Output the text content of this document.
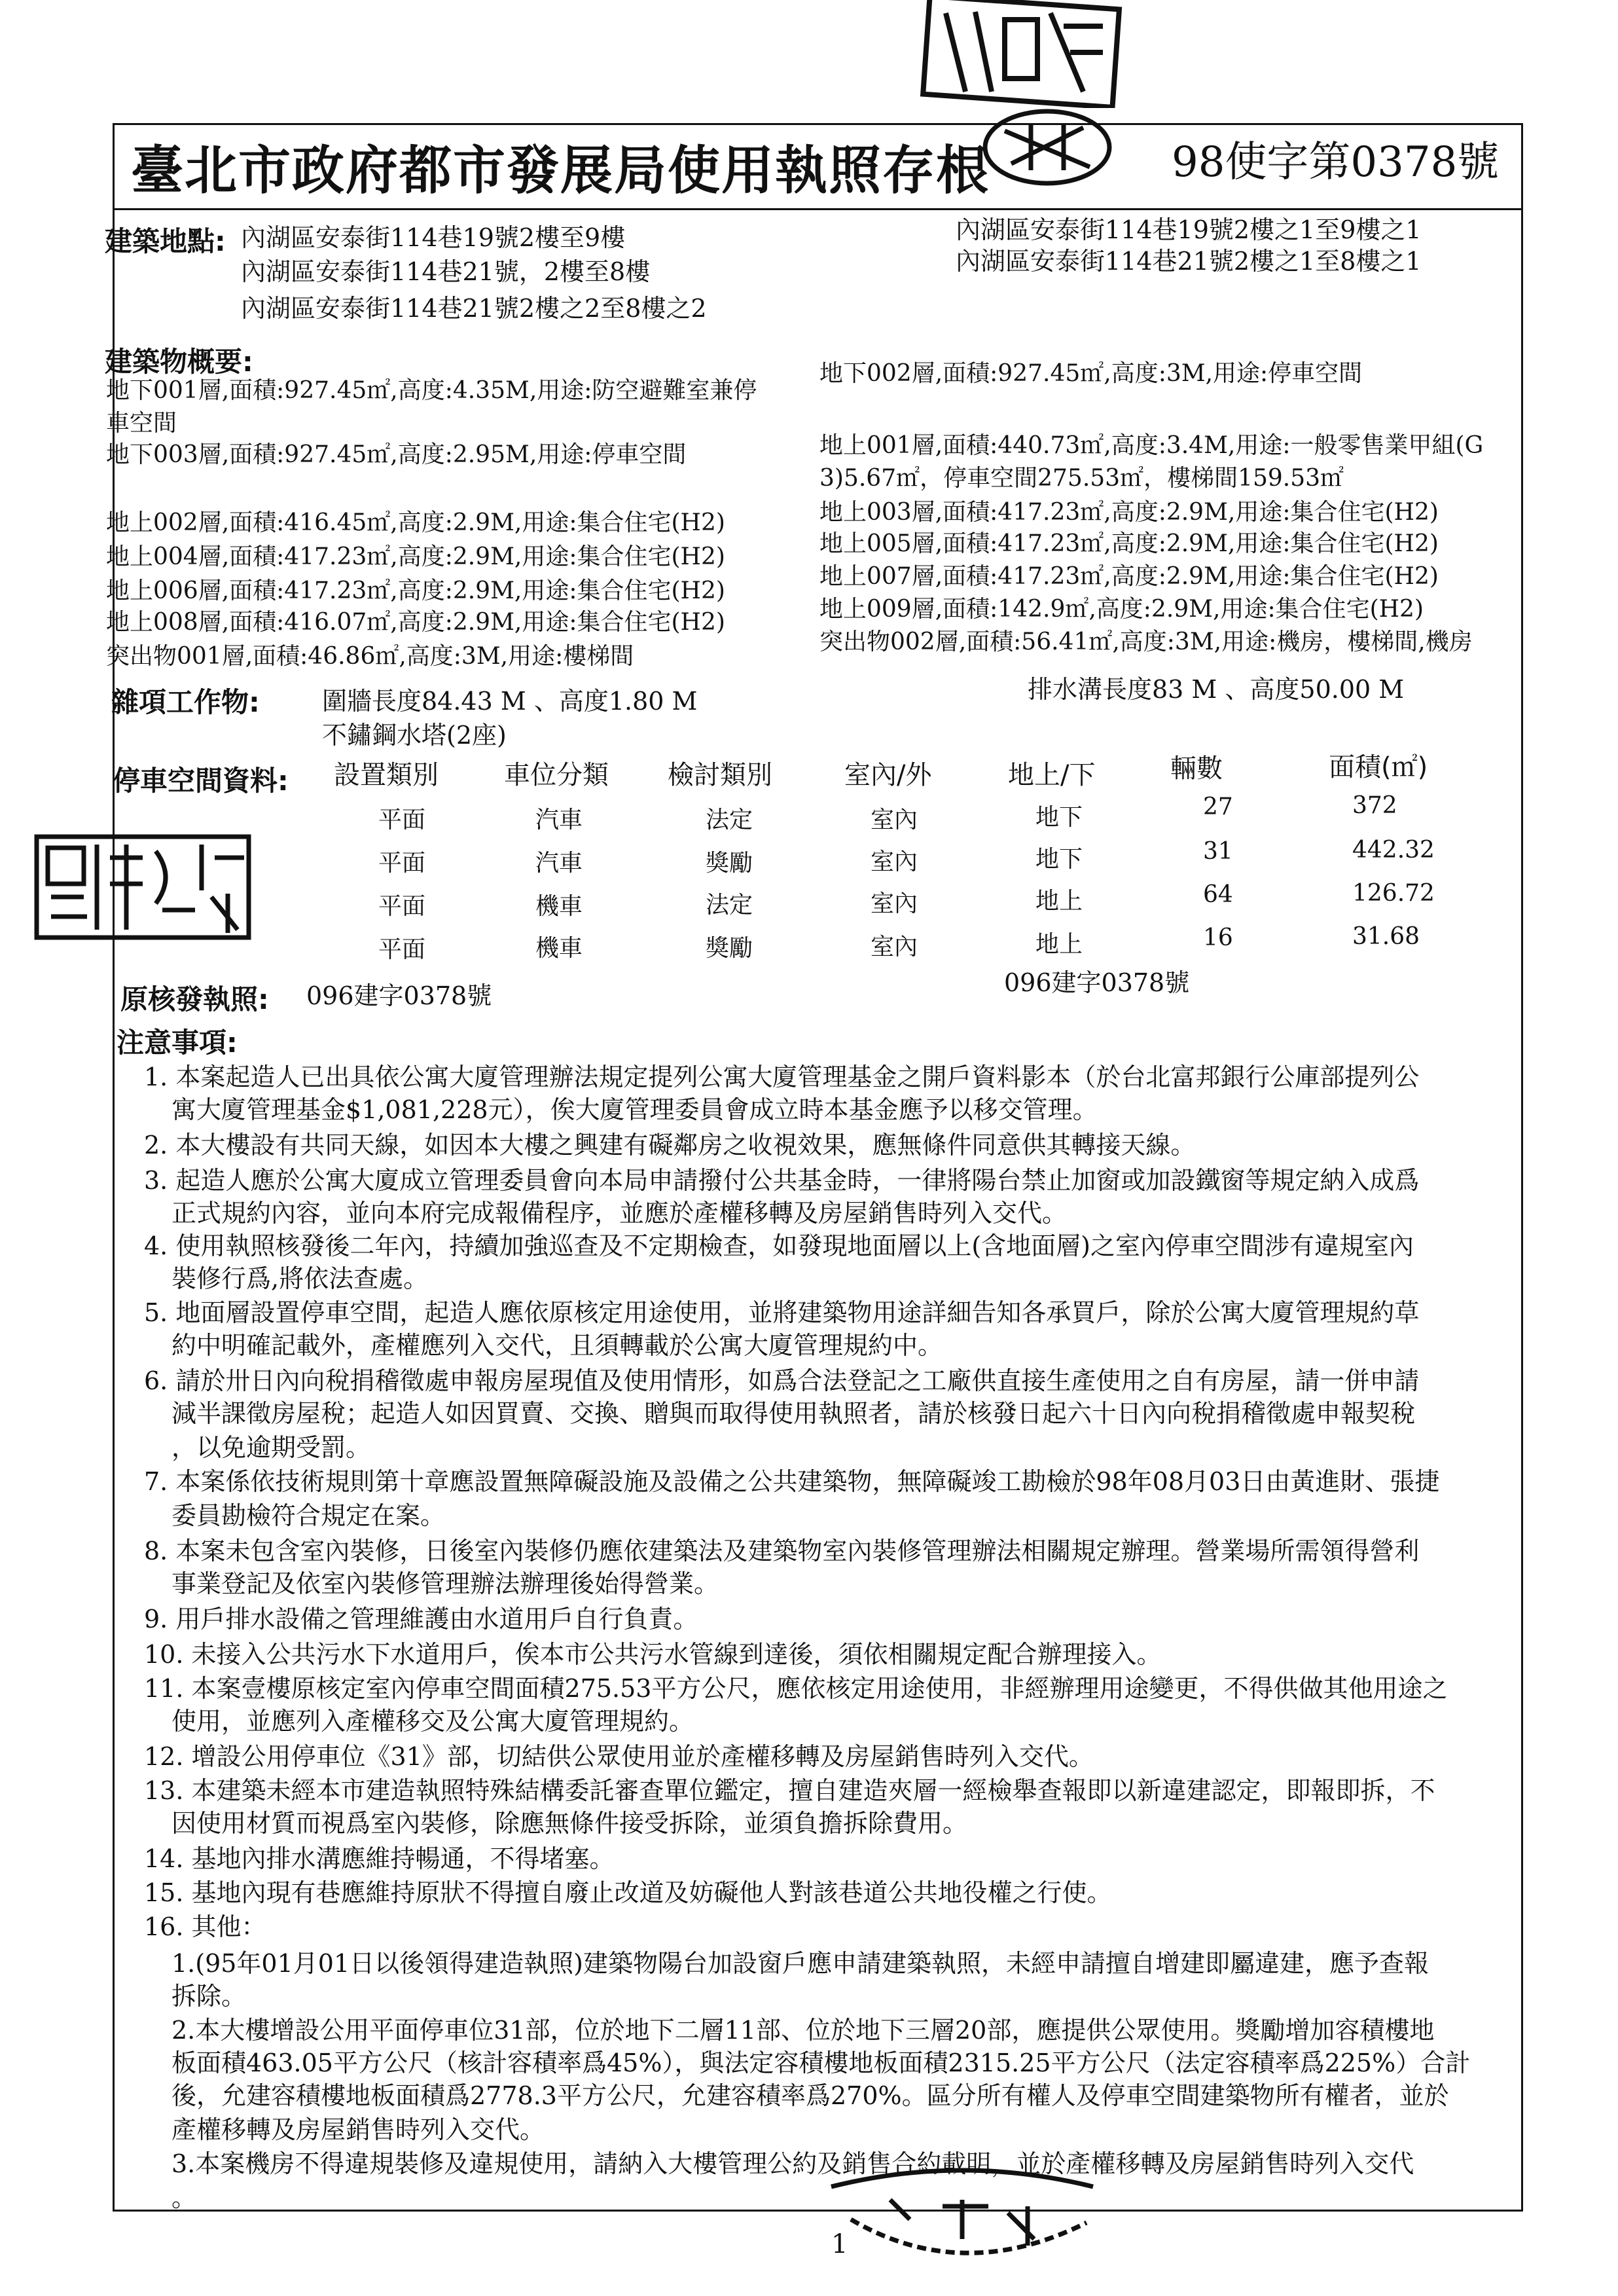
臺北市政府都市發展局使用執照存根	98使字第0378號
建築地點: 內湖區安泰街114巷19號2樓至9樓
內湖區安泰街114巷21號，2樓至8樓
內湖區安泰街114巷21號2樓之2至8樓之2
內湖區安泰街114巷19號2樓之1至9樓之1
內湖區安泰街114巷21號2樓之1至8樓之1
建築物概要:
地下001層,面積:927.45㎡,高度:4.35M,用途:防空避難室兼停
車空間
地下003層,面積:927.45㎡,高度:2.95M,用途:停車空間
地上002層,面積:416.45㎡,高度:2.9M,用途:集合住宅(H2)
地上004層,面積:417.23㎡,高度:2.9M,用途:集合住宅(H2)
地上006層,面積:417.23㎡,高度:2.9M,用途:集合住宅(H2)
地上008層,面積:416.07㎡,高度:2.9M,用途:集合住宅(H2)
突出物001層,面積:46.86㎡,高度:3M,用途:樓梯間
地下002層,面積:927.45㎡,高度:3M,用途:停車空間
地上001層,面積:440.73㎡,高度:3.4M,用途:一般零售業甲組(G
3)5.67㎡，停車空間275.53㎡，樓梯間159.53㎡
地上003層,面積:417.23㎡,高度:2.9M,用途:集合住宅(H2)
地上005層,面積:417.23㎡,高度:2.9M,用途:集合住宅(H2)
地上007層,面積:417.23㎡,高度:2.9M,用途:集合住宅(H2)
地上009層,面積:142.9㎡,高度:2.9M,用途:集合住宅(H2)
突出物002層,面積:56.41㎡,高度:3M,用途:機房，樓梯間,機房
雜項工作物:	圍牆長度84.43 M 、高度1.80 M
不鏽鋼水塔(2座)
排水溝長度83 M 、高度50.00 M
停車空間資料: 設置類別	車位分類 檢討類別	室內/外	地上/下	輛數	面積(㎡)
平面	汽車	法定	室內	地下	27	372
平面	汽車	獎勵	室內	地下	31	442.32
平面	機車	法定	室內	地上	64	126.72
平面	機車	獎勵	室內	地上	16	31.68
原核發執照: 096建字0378號	096建字0378號
注意事項:
1. 本案起造人已出具依公寓大廈管理辦法規定提列公寓大廈管理基金之開戶資料影本（於台北富邦銀行公庫部提列公
寓大廈管理基金$1,081,228元），俟大廈管理委員會成立時本基金應予以移交管理。
2. 本大樓設有共同天線，如因本大樓之興建有礙鄰房之收視效果，應無條件同意供其轉接天線。
3. 起造人應於公寓大廈成立管理委員會向本局申請撥付公共基金時，一律將陽台禁止加窗或加設鐵窗等規定納入成爲
正式規約內容，並向本府完成報備程序，並應於產權移轉及房屋銷售時列入交代。
4. 使用執照核發後二年內，持續加強巡查及不定期檢查，如發現地面層以上(含地面層)之室內停車空間涉有違規室內
裝修行爲,將依法查處。
5. 地面層設置停車空間，起造人應依原核定用途使用，並將建築物用途詳細告知各承買戶，除於公寓大廈管理規約草
約中明確記載外，產權應列入交代，且須轉載於公寓大廈管理規約中。
6. 請於卅日內向稅捐稽徵處申報房屋現值及使用情形，如爲合法登記之工廠供直接生產使用之自有房屋，請一併申請
減半課徵房屋稅；起造人如因買賣、交換、贈與而取得使用執照者，請於核發日起六十日內向稅捐稽徵處申報契稅
，以免逾期受罰。
7. 本案係依技術規則第十章應設置無障礙設施及設備之公共建築物，無障礙竣工勘檢於98年08月03日由黃進財、張捷
委員勘檢符合規定在案。
8. 本案未包含室內裝修，日後室內裝修仍應依建築法及建築物室內裝修管理辦法相關規定辦理。營業場所需領得營利
事業登記及依室內裝修管理辦法辦理後始得營業。
9. 用戶排水設備之管理維護由水道用戶自行負責。
10. 未接入公共污水下水道用戶，俟本市公共污水管線到達後，須依相關規定配合辦理接入。
11. 本案壹樓原核定室內停車空間面積275.53平方公尺，應依核定用途使用，非經辦理用途變更，不得供做其他用途之
使用，並應列入產權移交及公寓大廈管理規約。
12. 增設公用停車位《31》部，切結供公眾使用並於產權移轉及房屋銷售時列入交代。
13. 本建築未經本市建造執照特殊結構委託審查單位鑑定，擅自建造夾層一經檢舉查報即以新違建認定，即報即拆，不
因使用材質而視爲室內裝修，除應無條件接受拆除，並須負擔拆除費用。
14. 基地內排水溝應維持暢通，不得堵塞。
15. 基地內現有巷應維持原狀不得擅自廢止改道及妨礙他人對該巷道公共地役權之行使。
16. 其他：
1.(95年01月01日以後領得建造執照)建築物陽台加設窗戶應申請建築執照，未經申請擅自增建即屬違建，應予查報
拆除。
2.本大樓增設公用平面停車位31部，位於地下二層11部、位於地下三層20部，應提供公眾使用。獎勵增加容積樓地
板面積463.05平方公尺（核計容積率爲45%），與法定容積樓地板面積2315.25平方公尺（法定容積率爲225%）合計
後，允建容積樓地板面積爲2778.3平方公尺，允建容積率爲270%。區分所有權人及停車空間建築物所有權者，並於
產權移轉及房屋銷售時列入交代。
3.本案機房不得違規裝修及違規使用，請納入大樓管理公約及銷售合約載明，並於產權移轉及房屋銷售時列入交代
。
1
